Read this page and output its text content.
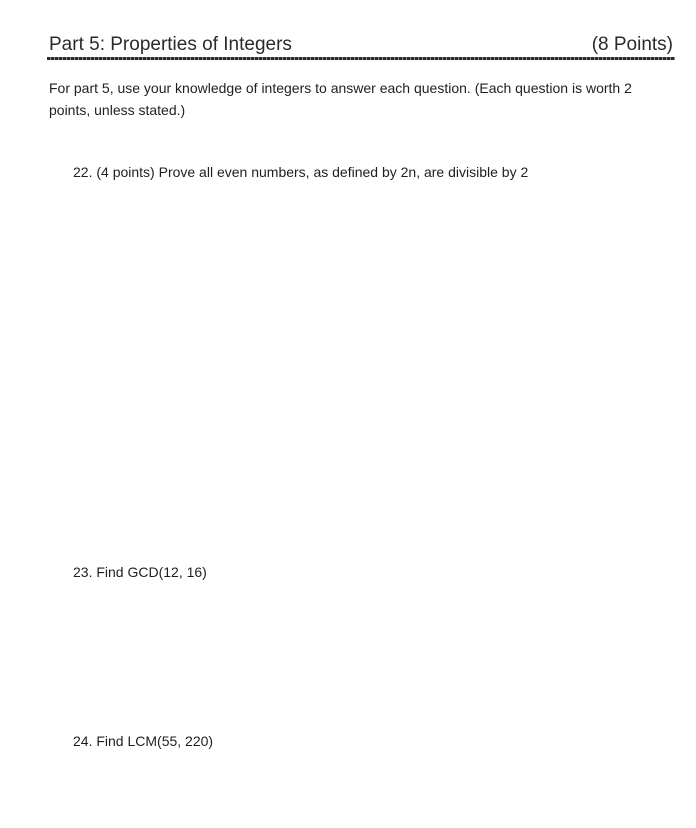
Part 5: Properties of Integers	(8 Points)
For part 5, use your knowledge of integers to answer each question. (Each question is worth 2 points, unless stated.)
22. (4 points) Prove all even numbers, as defined by 2n, are divisible by 2
23. Find GCD(12, 16)
24. Find LCM(55, 220)
